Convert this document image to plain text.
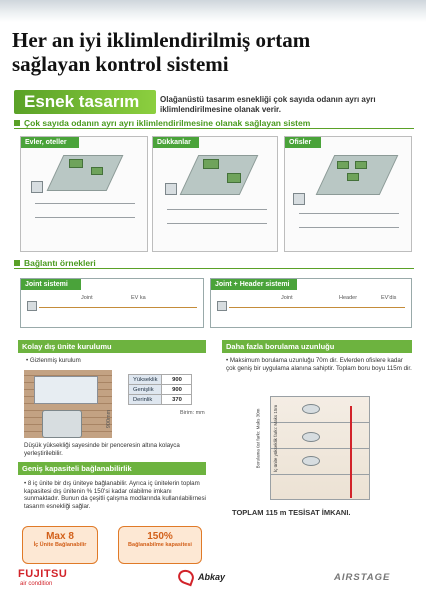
Her an iyi iklimlendirilmiş ortam
sağlayan kontrol sistemi
Esnek tasarım	Olağanüstü tasarım esnekliği çok sayıda odanın ayrı ayrı iklimlendirilmesine olanak verir.
Çok sayıda odanın ayrı ayrı iklimlendirilmesine olanak sağlayan sistem
Evler, oteller	Dükkanlar	Ofisler
Bağlantı örnekleri
Joint sistemi
Joint	EV ka
Joint + Header sistemi
Joint	Header	EV'dis
Kolay dış ünite kurulumu
• Gizlenmiş kurulum
900mm
Yükseklik	900
Genişlik	900
Derinlik	370
Birim: mm
Düşük yüksekliği sayesinde bir penceresin altına kolayca yerleştirilebilir.
Geniş kapasiteli bağlanabilirlik
• 8 iç ünite bir dış üniteye bağlanabilir. Ayrıca iç ünitelerin toplam kapasitesi dış ünitenin % 150'si kadar olabilme imkanı sunmaktadır. Bunun da çeşitli çalışma modlarında kullanılabilirnesi tasarım esnekliği sağlar.
Max 8
İç Ünite Bağlanabilir
150%
Bağlanabilme kapasitesi
Daha fazla borulama uzunluğu
• Maksimum borulama uzunluğu 70m dir. Evlerden ofislere kadar çok geniş bir uygulama alanına sahiptir. Toplam boru boyu 115m dir.
Borulama üst farkı: Maks 30m	İç ünite yükseklik farkı: Maks 15m
TOPLAM 115 m TESİSAT İMKANI.
FUJITSU
air condition
Abkay	AIRSTAGE
